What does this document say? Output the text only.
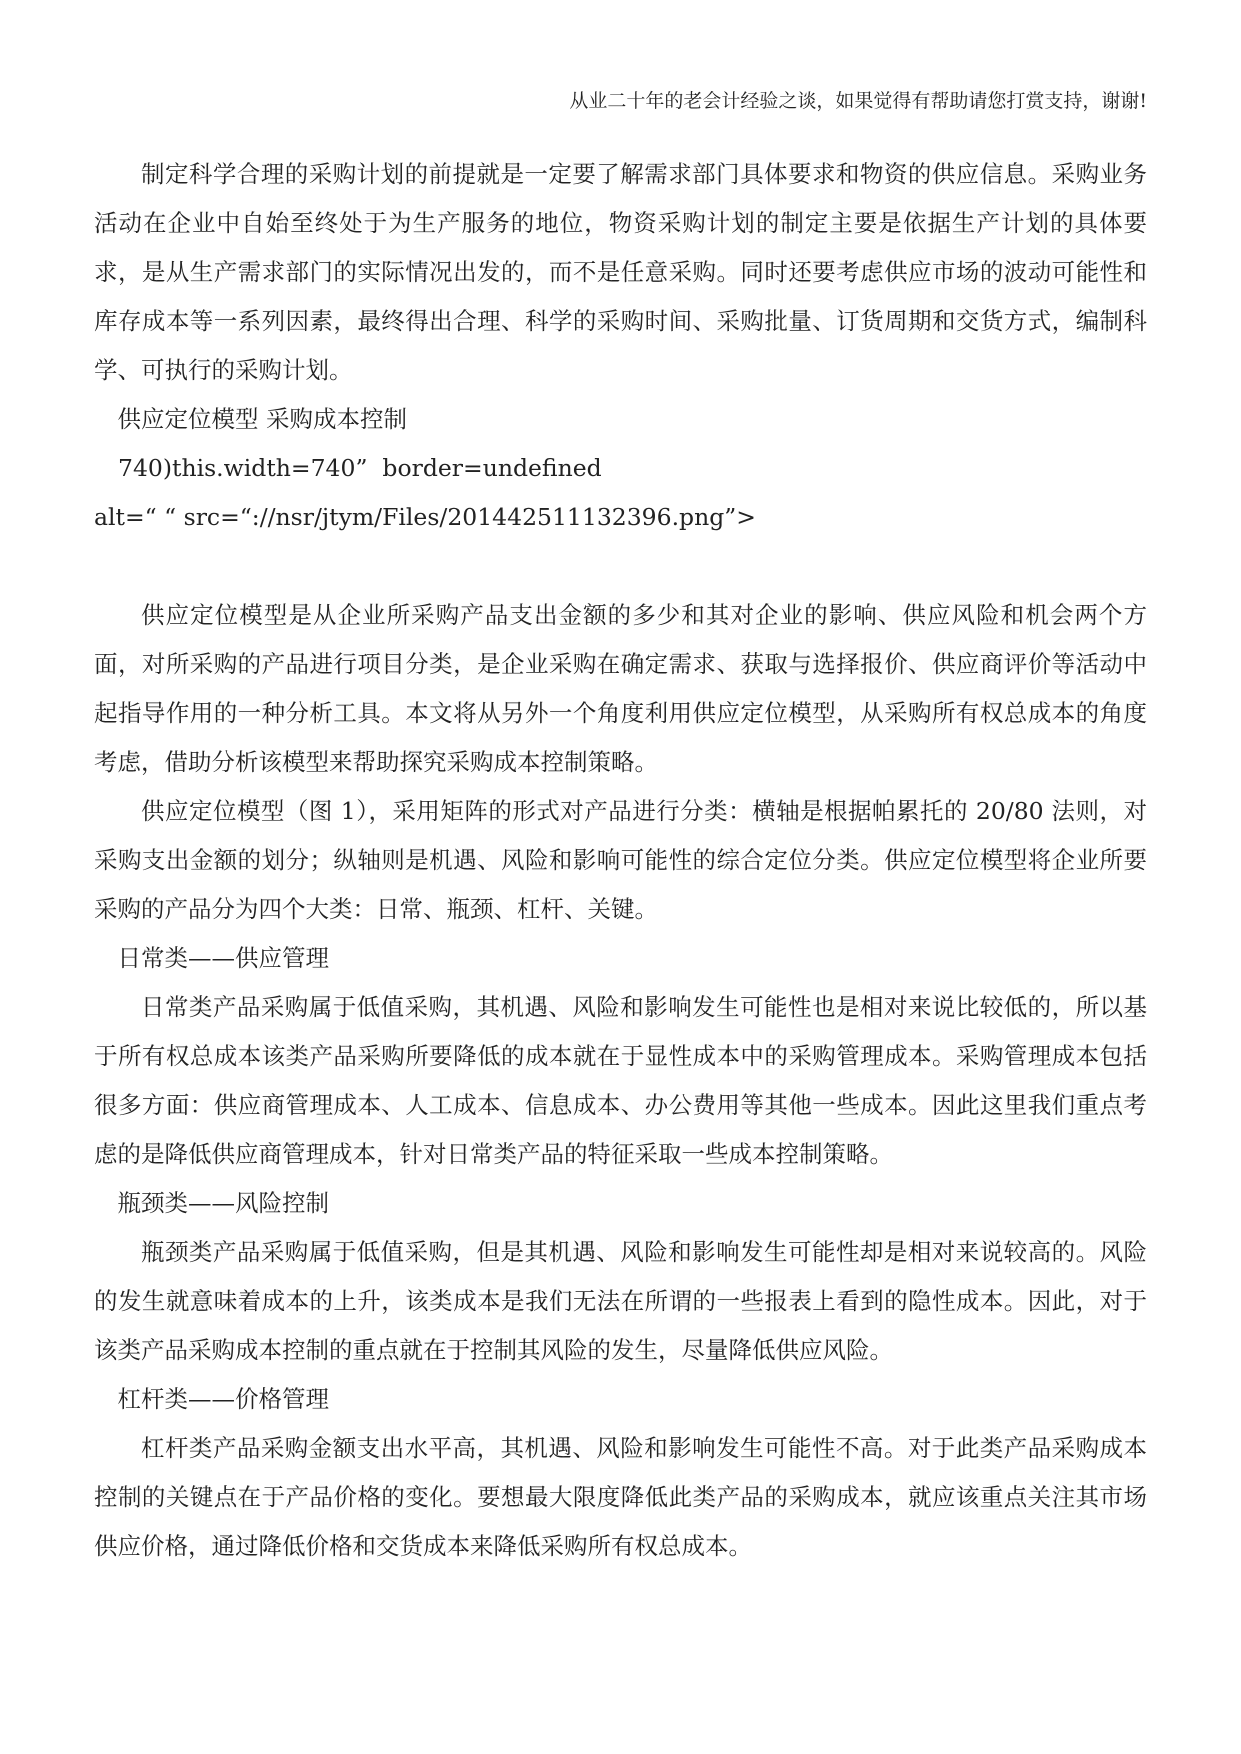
从业二十年的老会计经验之谈，如果觉得有帮助请您打赏支持，谢谢!

制定科学合理的采购计划的前提就是一定要了解需求部门具体要求和物资的供应信息。采购业务活动在企业中自始至终处于为生产服务的地位，物资采购计划的制定主要是依据生产计划的具体要求，是从生产需求部门的实际情况出发的，而不是任意采购。同时还要考虑供应市场的波动可能性和库存成本等一系列因素，最终得出合理、科学的采购时间、采购批量、订货周期和交货方式，编制科学、可执行的采购计划。

供应定位模型 采购成本控制

740)this.width=740”  border=undefined

alt=“ “ src=“://nsr/jtym/Files/201442511132396.png”>

供应定位模型是从企业所采购产品支出金额的多少和其对企业的影响、供应风险和机会两个方面，对所采购的产品进行项目分类，是企业采购在确定需求、获取与选择报价、供应商评价等活动中起指导作用的一种分析工具。本文将从另外一个角度利用供应定位模型，从采购所有权总成本的角度考虑，借助分析该模型来帮助探究采购成本控制策略。

供应定位模型（图 1），采用矩阵的形式对产品进行分类：横轴是根据帕累托的 20/80 法则，对采购支出金额的划分；纵轴则是机遇、风险和影响可能性的综合定位分类。供应定位模型将企业所要采购的产品分为四个大类：日常、瓶颈、杠杆、关键。

日常类——供应管理

日常类产品采购属于低值采购，其机遇、风险和影响发生可能性也是相对来说比较低的，所以基于所有权总成本该类产品采购所要降低的成本就在于显性成本中的采购管理成本。采购管理成本包括很多方面：供应商管理成本、人工成本、信息成本、办公费用等其他一些成本。因此这里我们重点考虑的是降低供应商管理成本，针对日常类产品的特征采取一些成本控制策略。

瓶颈类——风险控制

瓶颈类产品采购属于低值采购，但是其机遇、风险和影响发生可能性却是相对来说较高的。风险的发生就意味着成本的上升，该类成本是我们无法在所谓的一些报表上看到的隐性成本。因此，对于该类产品采购成本控制的重点就在于控制其风险的发生，尽量降低供应风险。

杠杆类——价格管理

杠杆类产品采购金额支出水平高，其机遇、风险和影响发生可能性不高。对于此类产品采购成本控制的关键点在于产品价格的变化。要想最大限度降低此类产品的采购成本，就应该重点关注其市场供应价格，通过降低价格和交货成本来降低采购所有权总成本。
